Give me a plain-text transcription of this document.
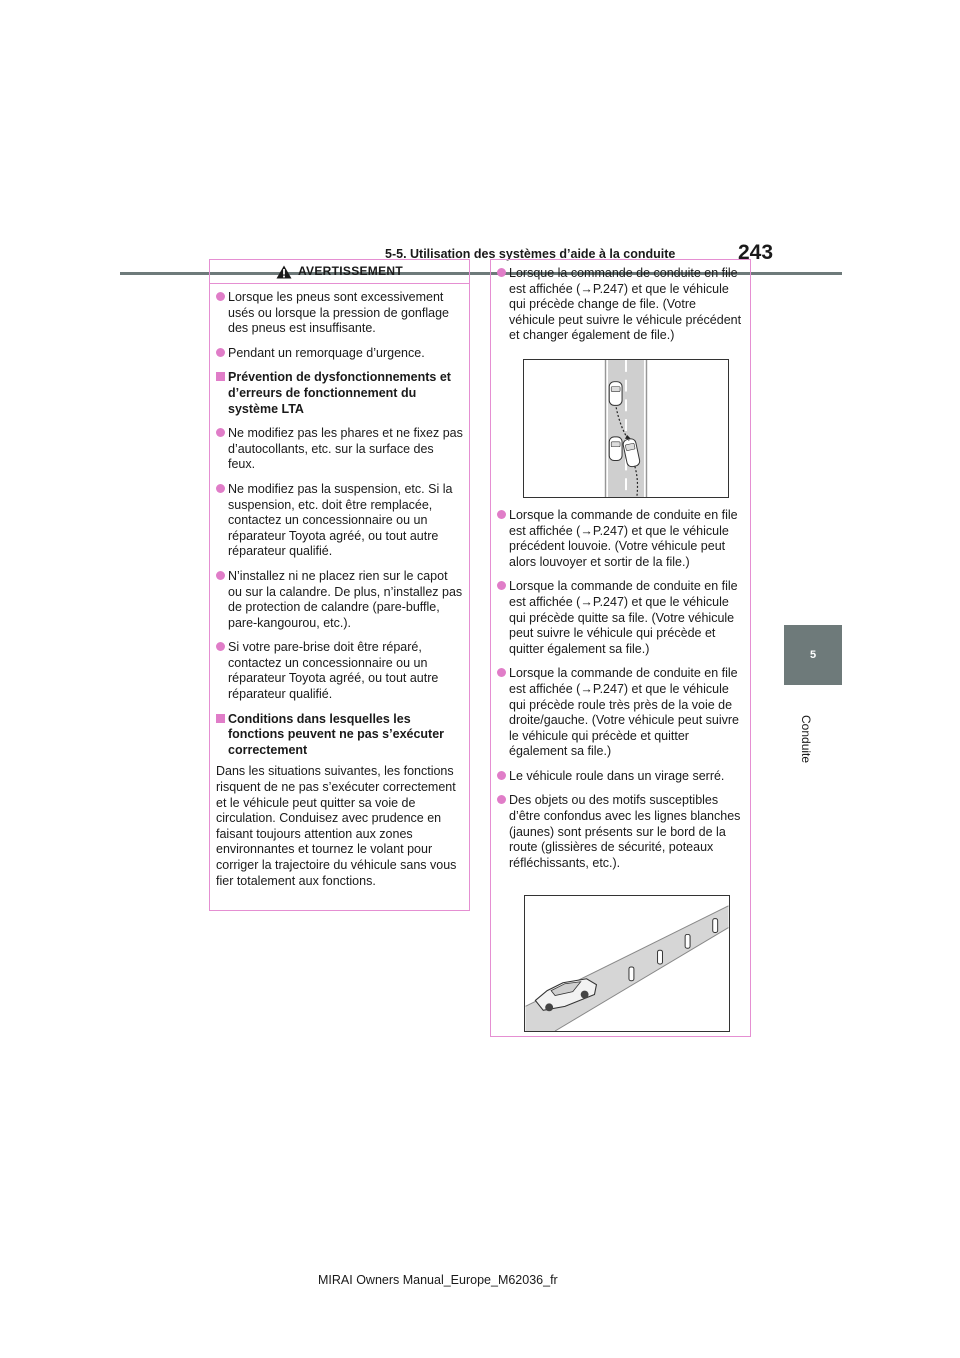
5-5. Utilisation des systèmes d’aide à la conduite	243
5
Conduite
AVERTISSEMENT
Lorsque les pneus sont excessivement usés ou lorsque la pression de gonflage des pneus est insuffisante.
Pendant un remorquage d’urgence.
Prévention de dysfonctionnements et d’erreurs de fonctionnement du système LTA
Ne modifiez pas les phares et ne fixez pas d’autocollants, etc. sur la surface des feux.
Ne modifiez pas la suspension, etc. Si la suspension, etc. doit être remplacée, contactez un concessionnaire ou un réparateur Toyota agréé, ou tout autre réparateur qualifié.
N’installez ni ne placez rien sur le capot ou sur la calandre. De plus, n’installez pas de protection de calandre (pare-buffle, pare-kangourou, etc.).
Si votre pare-brise doit être réparé, contactez un concessionnaire ou un réparateur Toyota agréé, ou tout autre réparateur qualifié.
Conditions dans lesquelles les fonctions peuvent ne pas s’exécuter correctement
Dans les situations suivantes, les fonctions risquent de ne pas s’exécuter correctement et le véhicule peut quitter sa voie de circulation. Conduisez avec prudence en faisant toujours attention aux zones environnantes et tournez le volant pour corriger la trajectoire du véhicule sans vous fier totalement aux fonctions.
Lorsque la commande de conduite en file est affichée (→P.247) et que le véhicule qui précède change de file. (Votre véhicule peut suivre le véhicule précédent et changer également de file.)
Lorsque la commande de conduite en file est affichée (→P.247) et que le véhicule précédent louvoie. (Votre véhicule peut alors louvoyer et sortir de la file.)
Lorsque la commande de conduite en file est affichée (→P.247) et que le véhicule qui précède quitte sa file. (Votre véhicule peut suivre le véhicule qui précède et quitter également sa file.)
Lorsque la commande de conduite en file est affichée (→P.247) et que le véhicule qui précède roule très près de la voie de droite/gauche. (Votre véhicule peut suivre le véhicule qui précède et quitter également sa file.)
Le véhicule roule dans un virage serré.
Des objets ou des motifs susceptibles d’être confondus avec les lignes blanches (jaunes) sont présents sur le bord de la route (glissières de sécurité, poteaux réfléchissants, etc.).
MIRAI Owners Manual_Europe_M62036_fr
